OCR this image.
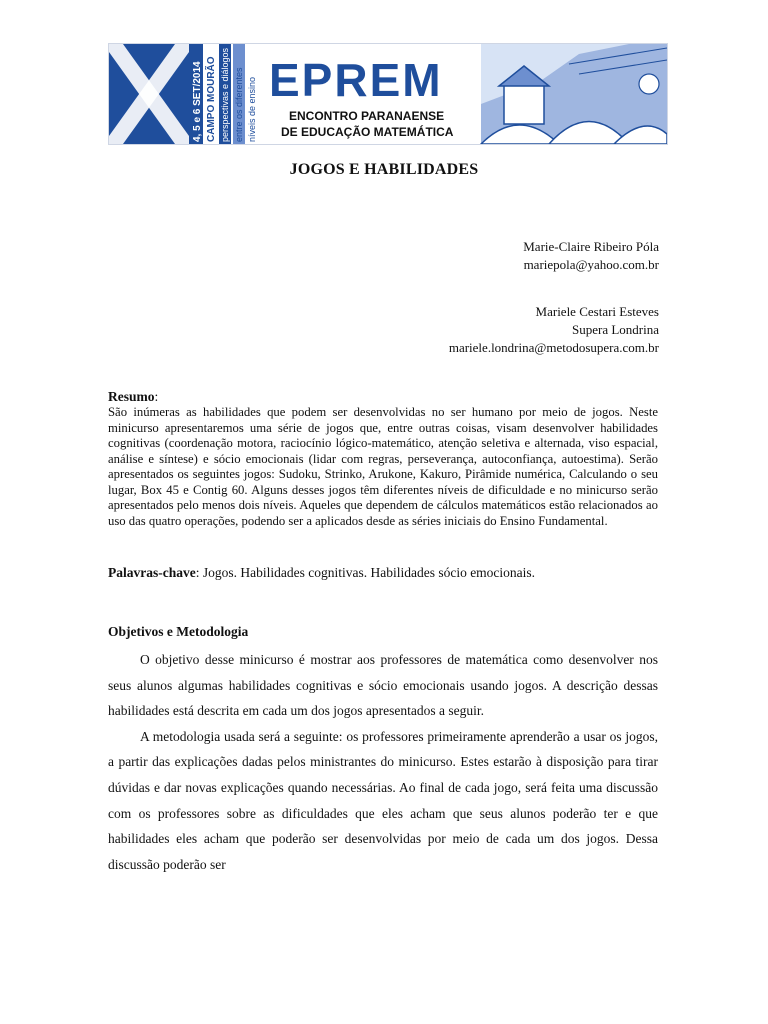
4, 5 e 6 SET/2014 CAMPO MOURÃO perspectivas e diálogos entre os diferentes níveis de ensino EPREM
ENCONTRO PARANAENSE
DE EDUCAÇÃO MATEMÁTICA
JOGOS E HABILIDADES
Marie-Claire Ribeiro Póla
mariepola@yahoo.com.br
Mariele Cestari Esteves
Supera Londrina
mariele.londrina@metodosupera.com.br
Resumo:

São inúmeras as habilidades que podem ser desenvolvidas no ser humano por meio de jogos. Neste minicurso apresentaremos uma série de jogos que, entre outras coisas, visam desenvolver habilidades cognitivas (coordenação motora, raciocínio lógico-matemático, atenção seletiva e alternada, viso espacial, análise e síntese) e sócio emocionais (lidar com regras, perseverança, autoconfiança, autoestima). Serão apresentados os seguintes jogos: Sudoku, Strinko, Arukone, Kakuro, Pirâmide numérica, Calculando o seu lugar, Box 45 e Contig 60. Alguns desses jogos têm diferentes níveis de dificuldade e no minicurso serão apresentados pelo menos dois níveis. Aqueles que dependem de cálculos matemáticos estão relacionados ao uso das quatro operações, podendo ser a aplicados desde as séries iniciais do Ensino Fundamental.

Palavras-chave: Jogos. Habilidades cognitivas. Habilidades sócio emocionais.
Objetivos e Metodologia

O objetivo desse minicurso é mostrar aos professores de matemática como desenvolver nos seus alunos algumas habilidades cognitivas e sócio emocionais usando jogos. A descrição dessas habilidades está descrita em cada um dos jogos apresentados a seguir.

A metodologia usada será a seguinte: os professores primeiramente aprenderão a usar os jogos, a partir das explicações dadas pelos ministrantes do minicurso. Estes estarão à disposição para tirar dúvidas e dar novas explicações quando necessárias. Ao final de cada jogo, será feita uma discussão com os professores sobre as dificuldades que eles acham que seus alunos poderão ter e que habilidades eles acham que poderão ser desenvolvidas por meio de cada um dos jogos. Dessa discussão poderão ser
